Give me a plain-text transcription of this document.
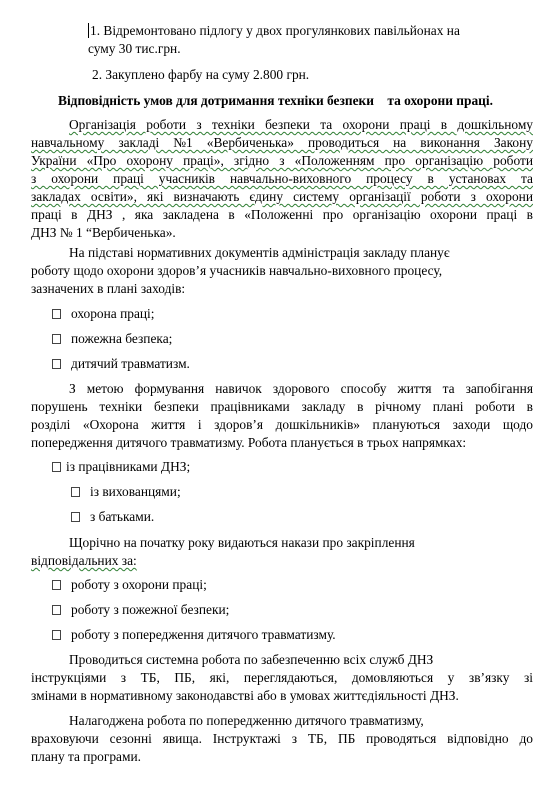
1. Відремонтовано підлогу у двох прогулянкових павільйонах на
суму 30 тис.грн.
2. Закуплено фарбу на суму 2.800 грн.
Відповідність умов для дотримання техніки безпеки    та охорони праці.
Організація роботи з техніки безпеки та охорони праці в дошкільному
навчальному закладі №1 «Вербиченька» проводиться на виконання Закону
України «Про охорону праці», згідно з «Положенням про організацію роботи
з охорони праці учасників навчально-виховного процесу в установах та
закладах освіти», які визначають єдину систему організації роботи з охорони
праці в ДНЗ , яка закладена в «Положенні про організацію охорони праці в
ДНЗ № 1 “Вербиченька».
На підставі нормативних документів адміністрація закладу планує
роботу щодо охорони здоров’я учасників навчально-виховного процесу,
зазначених в плані заходів:
охорона праці;
пожежна безпека;
дитячий травматизм.
З метою формування навичок здорового способу життя та запобігання
порушень техніки безпеки працівниками закладу в річному плані роботи в
розділі «Охорона життя і здоров’я дошкільників» плануються заходи щодо
попередження дитячого травматизму. Робота планується в трьох напрямках:
із працівниками ДНЗ;
із вихованцями;
з батьками.
Щорічно на початку року видаються накази про закріплення
відповідальних за:
роботу з охорони праці;
роботу з пожежної безпеки;
роботу з попередження дитячого травматизму.
Проводиться системна робота по забезпеченню всіх служб ДНЗ
інструкціями з ТБ, ПБ, які, переглядаються, домовляються у зв’язку зі
змінами в нормативному законодавстві або в умовах життєдіяльності ДНЗ.
Налагоджена робота по попередженню дитячого травматизму,
враховуючи сезонні явища. Інструктажі з ТБ, ПБ проводяться відповідно до
плану та програми.
